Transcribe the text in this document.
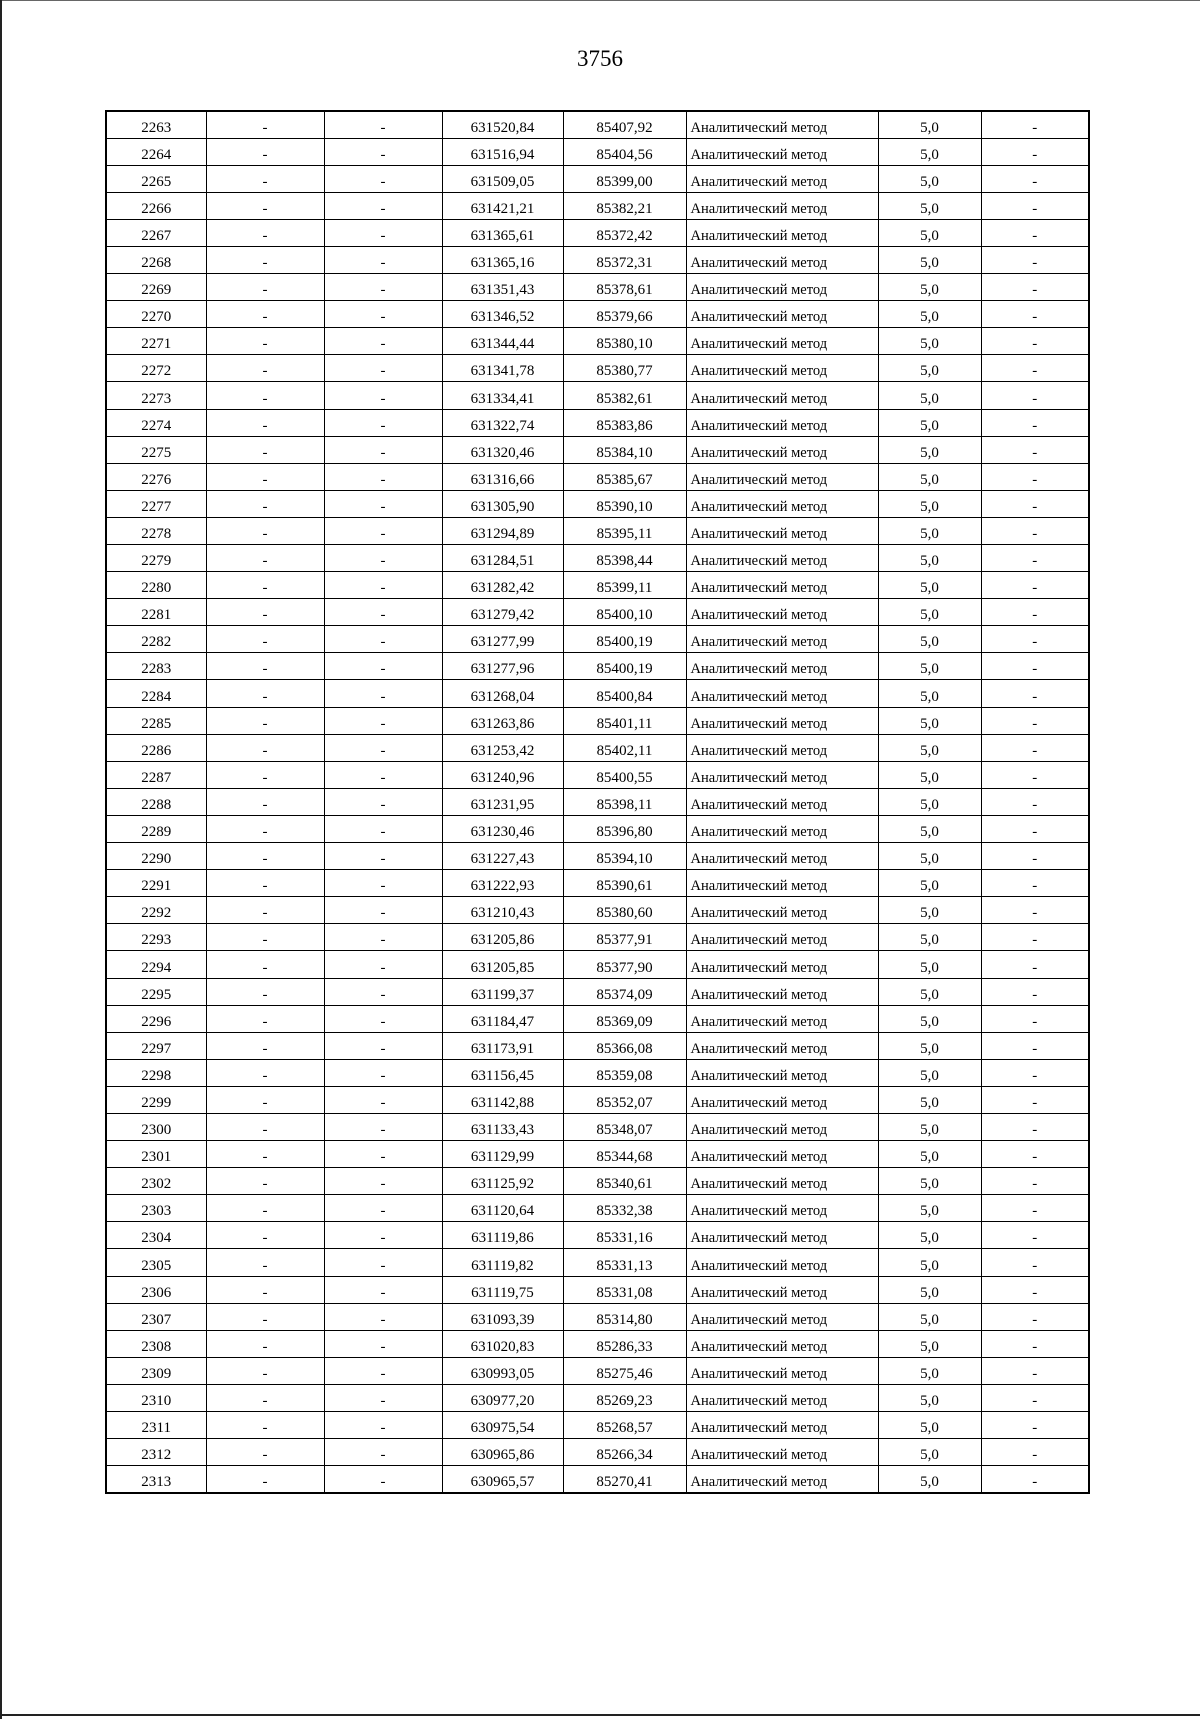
3756
2263	-	-	631520,84	85407,92	Аналитический метод	5,0	-
2264	-	-	631516,94	85404,56	Аналитический метод	5,0	-
2265	-	-	631509,05	85399,00	Аналитический метод	5,0	-
2266	-	-	631421,21	85382,21	Аналитический метод	5,0	-
2267	-	-	631365,61	85372,42	Аналитический метод	5,0	-
2268	-	-	631365,16	85372,31	Аналитический метод	5,0	-
2269	-	-	631351,43	85378,61	Аналитический метод	5,0	-
2270	-	-	631346,52	85379,66	Аналитический метод	5,0	-
2271	-	-	631344,44	85380,10	Аналитический метод	5,0	-
2272	-	-	631341,78	85380,77	Аналитический метод	5,0	-
2273	-	-	631334,41	85382,61	Аналитический метод	5,0	-
2274	-	-	631322,74	85383,86	Аналитический метод	5,0	-
2275	-	-	631320,46	85384,10	Аналитический метод	5,0	-
2276	-	-	631316,66	85385,67	Аналитический метод	5,0	-
2277	-	-	631305,90	85390,10	Аналитический метод	5,0	-
2278	-	-	631294,89	85395,11	Аналитический метод	5,0	-
2279	-	-	631284,51	85398,44	Аналитический метод	5,0	-
2280	-	-	631282,42	85399,11	Аналитический метод	5,0	-
2281	-	-	631279,42	85400,10	Аналитический метод	5,0	-
2282	-	-	631277,99	85400,19	Аналитический метод	5,0	-
2283	-	-	631277,96	85400,19	Аналитический метод	5,0	-
2284	-	-	631268,04	85400,84	Аналитический метод	5,0	-
2285	-	-	631263,86	85401,11	Аналитический метод	5,0	-
2286	-	-	631253,42	85402,11	Аналитический метод	5,0	-
2287	-	-	631240,96	85400,55	Аналитический метод	5,0	-
2288	-	-	631231,95	85398,11	Аналитический метод	5,0	-
2289	-	-	631230,46	85396,80	Аналитический метод	5,0	-
2290	-	-	631227,43	85394,10	Аналитический метод	5,0	-
2291	-	-	631222,93	85390,61	Аналитический метод	5,0	-
2292	-	-	631210,43	85380,60	Аналитический метод	5,0	-
2293	-	-	631205,86	85377,91	Аналитический метод	5,0	-
2294	-	-	631205,85	85377,90	Аналитический метод	5,0	-
2295	-	-	631199,37	85374,09	Аналитический метод	5,0	-
2296	-	-	631184,47	85369,09	Аналитический метод	5,0	-
2297	-	-	631173,91	85366,08	Аналитический метод	5,0	-
2298	-	-	631156,45	85359,08	Аналитический метод	5,0	-
2299	-	-	631142,88	85352,07	Аналитический метод	5,0	-
2300	-	-	631133,43	85348,07	Аналитический метод	5,0	-
2301	-	-	631129,99	85344,68	Аналитический метод	5,0	-
2302	-	-	631125,92	85340,61	Аналитический метод	5,0	-
2303	-	-	631120,64	85332,38	Аналитический метод	5,0	-
2304	-	-	631119,86	85331,16	Аналитический метод	5,0	-
2305	-	-	631119,82	85331,13	Аналитический метод	5,0	-
2306	-	-	631119,75	85331,08	Аналитический метод	5,0	-
2307	-	-	631093,39	85314,80	Аналитический метод	5,0	-
2308	-	-	631020,83	85286,33	Аналитический метод	5,0	-
2309	-	-	630993,05	85275,46	Аналитический метод	5,0	-
2310	-	-	630977,20	85269,23	Аналитический метод	5,0	-
2311	-	-	630975,54	85268,57	Аналитический метод	5,0	-
2312	-	-	630965,86	85266,34	Аналитический метод	5,0	-
2313	-	-	630965,57	85270,41	Аналитический метод	5,0	-
